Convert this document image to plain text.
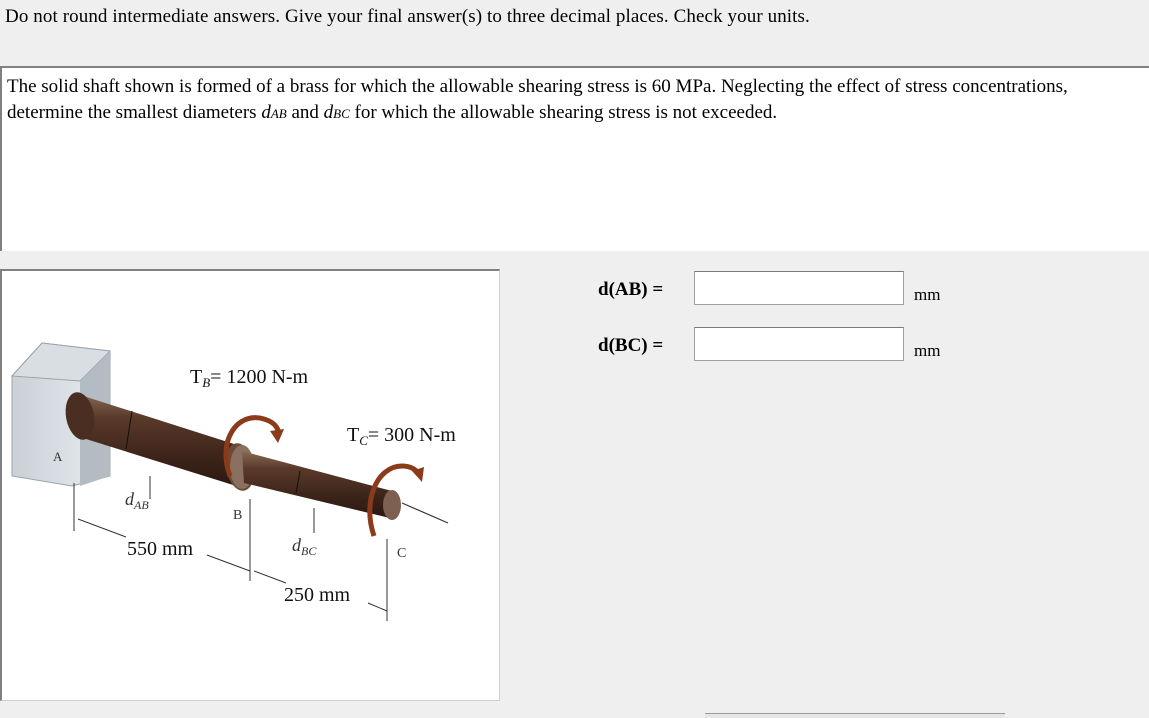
Do not round intermediate answers. Give your final answer(s) to three decimal places. Check your units.
The solid shaft shown is formed of a brass for which the allowable shearing stress is 60 MPa. Neglecting the effect of stress concentrations, determine the smallest diameters dAB and dBC for which the allowable shearing stress is not exceeded.
$T_B= 1200$ N-m
$T_C= 300$ N-m
A
B
C
$d_{AB}$
$d_{BC}$
550 mm
250 mm
d(AB) =	mm
d(BC) =	mm
